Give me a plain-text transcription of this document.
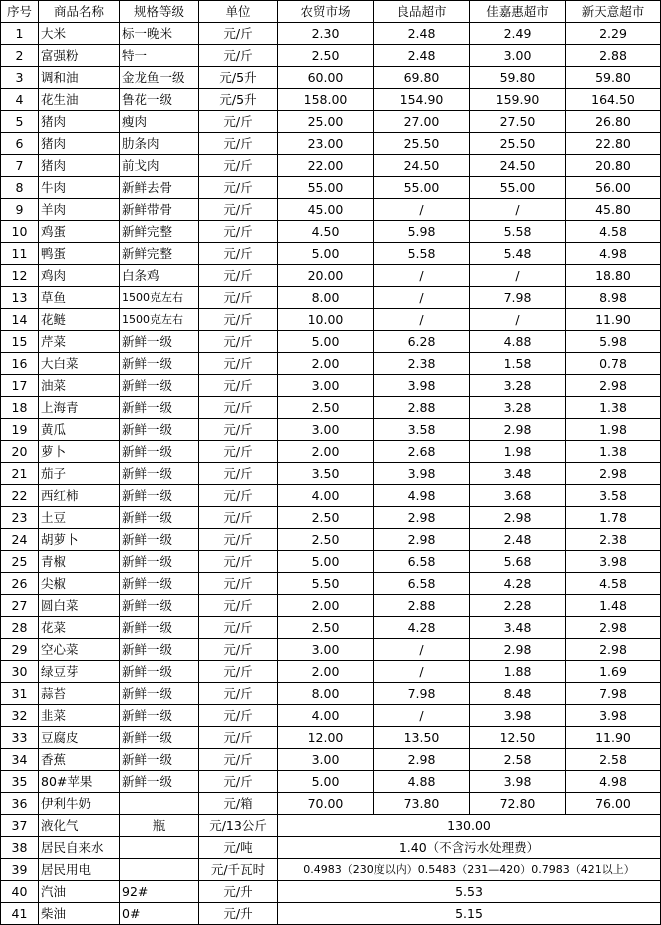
序号	商品名称	规格等级	单位	农贸市场	良品超市	佳嘉惠超市	新天意超市
1	大米	标一晚米	元/斤	2.30	2.48	2.49	2.29
2	富强粉	特一	元/斤	2.50	2.48	3.00	2.88
3	调和油	金龙鱼一级	元/5升	60.00	69.80	59.80	59.80
4	花生油	鲁花一级	元/5升	158.00	154.90	159.90	164.50
5	猪肉	瘦肉	元/斤	25.00	27.00	27.50	26.80
6	猪肉	肋条肉	元/斤	23.00	25.50	25.50	22.80
7	猪肉	前戈肉	元/斤	22.00	24.50	24.50	20.80
8	牛肉	新鲜去骨	元/斤	55.00	55.00	55.00	56.00
9	羊肉	新鲜带骨	元/斤	45.00	/	/	45.80
10	鸡蛋	新鲜完整	元/斤	4.50	5.98	5.58	4.58
11	鸭蛋	新鲜完整	元/斤	5.00	5.58	5.48	4.98
12	鸡肉	白条鸡	元/斤	20.00	/	/	18.80
13	草鱼	1500克左右	元/斤	8.00	/	7.98	8.98
14	花鲢	1500克左右	元/斤	10.00	/	/	11.90
15	芹菜	新鲜一级	元/斤	5.00	6.28	4.88	5.98
16	大白菜	新鲜一级	元/斤	2.00	2.38	1.58	0.78
17	油菜	新鲜一级	元/斤	3.00	3.98	3.28	2.98
18	上海青	新鲜一级	元/斤	2.50	2.88	3.28	1.38
19	黄瓜	新鲜一级	元/斤	3.00	3.58	2.98	1.98
20	萝卜	新鲜一级	元/斤	2.00	2.68	1.98	1.38
21	茄子	新鲜一级	元/斤	3.50	3.98	3.48	2.98
22	西红柿	新鲜一级	元/斤	4.00	4.98	3.68	3.58
23	土豆	新鲜一级	元/斤	2.50	2.98	2.98	1.78
24	胡萝卜	新鲜一级	元/斤	2.50	2.98	2.48	2.38
25	青椒	新鲜一级	元/斤	5.00	6.58	5.68	3.98
26	尖椒	新鲜一级	元/斤	5.50	6.58	4.28	4.58
27	圆白菜	新鲜一级	元/斤	2.00	2.88	2.28	1.48
28	花菜	新鲜一级	元/斤	2.50	4.28	3.48	2.98
29	空心菜	新鲜一级	元/斤	3.00	/	2.98	2.98
30	绿豆芽	新鲜一级	元/斤	2.00	/	1.88	1.69
31	蒜苔	新鲜一级	元/斤	8.00	7.98	8.48	7.98
32	韭菜	新鲜一级	元/斤	4.00	/	3.98	3.98
33	豆腐皮	新鲜一级	元/斤	12.00	13.50	12.50	11.90
34	香蕉	新鲜一级	元/斤	3.00	2.98	2.58	2.58
35	80#苹果	新鲜一级	元/斤	5.00	4.88	3.98	4.98
36	伊利牛奶		元/箱	70.00	73.80	72.80	76.00
37	液化气	瓶	元/13公斤	130.00			
38	居民自来水		元/吨	1.40（不含污水处理费）			
39	居民用电		元/千瓦时	0.4983（230度以内）0.5483（231—420）0.7983（421以上）			
40	汽油	92#	元/升	5.53			
41	柴油	0#	元/升	5.15			
